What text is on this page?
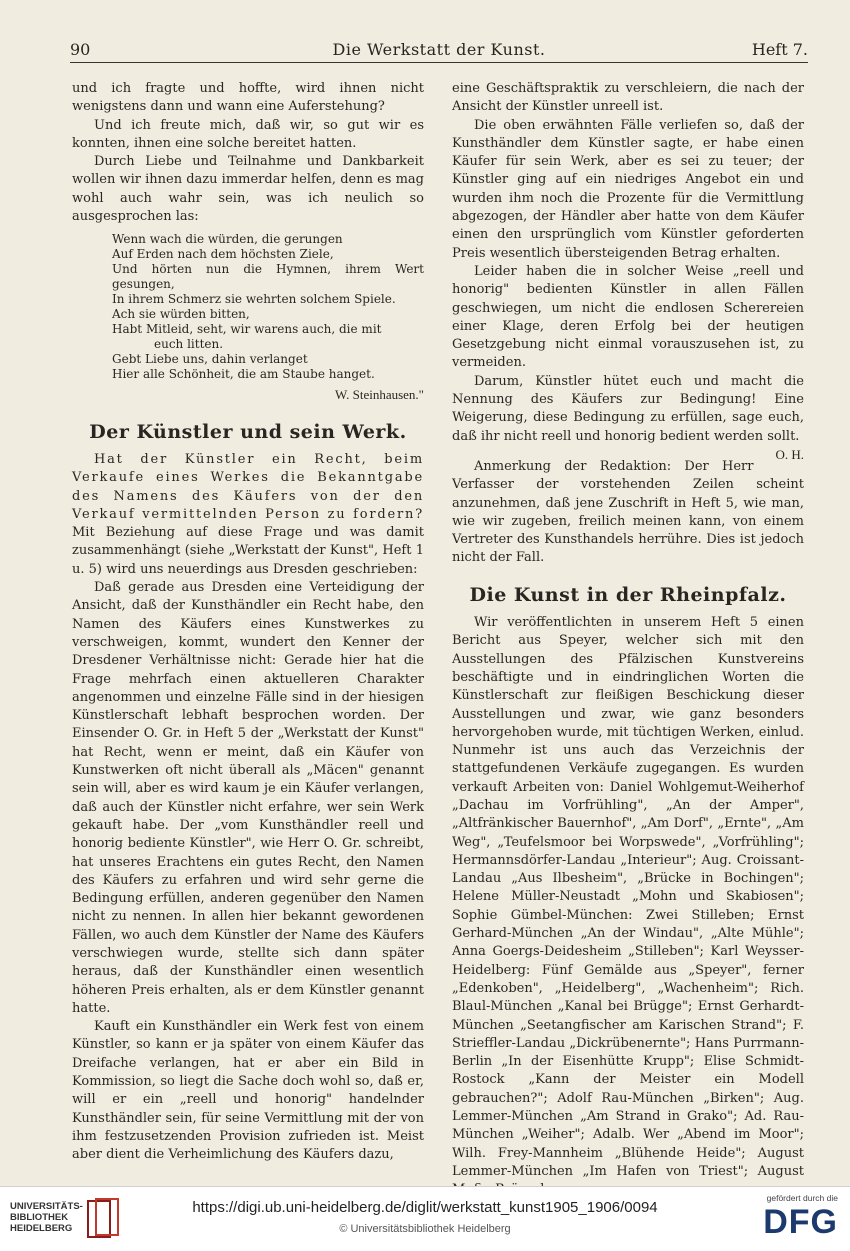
90	Die Werkstatt der Kunst.	Heft 7.

und ich fragte und hoffte, wird ihnen nicht wenigstens dann und wann eine Auferstehung?

Und ich freute mich, daß wir, so gut wir es konnten, ihnen eine solche bereitet hatten.

Durch Liebe und Teilnahme und Dankbarkeit wollen wir ihnen dazu immerdar helfen, denn es mag wohl auch wahr sein, was ich neulich so ausgesprochen las:

Wenn wach die würden, die gerungen
Auf Erden nach dem höchsten Ziele,
Und hörten nun die Hymnen, ihrem Wert gesungen,
In ihrem Schmerz sie wehrten solchem Spiele.
Ach sie würden bitten,
Habt Mitleid, seht, wir warens auch, die mit
euch litten.
Gebt Liebe uns, dahin verlanget
Hier alle Schönheit, die am Staube hanget.
W. Steinhausen."
Der Künstler und sein Werk.

Hat der Künstler ein Recht, beim Verkaufe eines Werkes die Bekanntgabe des Namens des Käufers von der den Verkauf vermittelnden Person zu fordern? Mit Beziehung auf diese Frage und was damit zusammenhängt (siehe „Werkstatt der Kunst", Heft 1 u. 5) wird uns neuerdings aus Dresden geschrieben:

Daß gerade aus Dresden eine Verteidigung der Ansicht, daß der Kunsthändler ein Recht habe, den Namen des Käufers eines Kunstwerkes zu verschweigen, kommt, wundert den Kenner der Dresdener Verhältnisse nicht: Gerade hier hat die Frage mehrfach einen aktuelleren Charakter angenommen und einzelne Fälle sind in der hiesigen Künstlerschaft lebhaft besprochen worden. Der Einsender O. Gr. in Heft 5 der „Werkstatt der Kunst" hat Recht, wenn er meint, daß ein Käufer von Kunstwerken oft nicht überall als „Mäcen" genannt sein will, aber es wird kaum je ein Käufer verlangen, daß auch der Künstler nicht erfahre, wer sein Werk gekauft habe. Der „vom Kunsthändler reell und honorig bediente Künstler", wie Herr O. Gr. schreibt, hat unseres Erachtens ein gutes Recht, den Namen des Käufers zu erfahren und wird sehr gerne die Bedingung erfüllen, anderen gegenüber den Namen nicht zu nennen. In allen hier bekannt gewordenen Fällen, wo auch dem Künstler der Name des Käufers verschwiegen wurde, stellte sich dann später heraus, daß der Kunsthändler einen wesentlich höheren Preis erhalten, als er dem Künstler genannt hatte.

Kauft ein Kunsthändler ein Werk fest von einem Künstler, so kann er ja später von einem Käufer das Dreifache verlangen, hat er aber ein Bild in Kommission, so liegt die Sache doch wohl so, daß er, will er ein „reell und honorig" handelnder Kunsthändler sein, für seine Vermittlung mit der von ihm festzusetzenden Provision zufrieden ist. Meist aber dient die Verheimlichung des Käufers dazu,

eine Geschäftspraktik zu verschleiern, die nach der Ansicht der Künstler unreell ist.

Die oben erwähnten Fälle verliefen so, daß der Kunsthändler dem Künstler sagte, er habe einen Käufer für sein Werk, aber es sei zu teuer; der Künstler ging auf ein niedriges Angebot ein und wurden ihm noch die Prozente für die Vermittlung abgezogen, der Händler aber hatte von dem Käufer einen den ursprünglich vom Künstler geforderten Preis wesentlich übersteigenden Betrag erhalten.

Leider haben die in solcher Weise „reell und honorig" bedienten Künstler in allen Fällen geschwiegen, um nicht die endlosen Scherereien einer Klage, deren Erfolg bei der heutigen Gesetzgebung nicht einmal vorauszusehen ist, zu vermeiden.

Darum, Künstler hütet euch und macht die Nennung des Käufers zur Bedingung! Eine Weigerung, diese Bedingung zu erfüllen, sage euch, daß ihr nicht reell und honorig bedient werden sollt.
O. H.

Anmerkung der Redaktion: Der Herr Verfasser der vorstehenden Zeilen scheint anzunehmen, daß jene Zuschrift in Heft 5, wie man, wie wir zugeben, freilich meinen kann, von einem Vertreter des Kunsthandels herrühre. Dies ist jedoch nicht der Fall.

Die Kunst in der Rheinpfalz.

Wir veröffentlichten in unserem Heft 5 einen Bericht aus Speyer, welcher sich mit den Ausstellungen des Pfälzischen Kunstvereins beschäftigte und in eindringlichen Worten die Künstlerschaft zur fleißigen Beschickung dieser Ausstellungen und zwar, wie ganz besonders hervorgehoben wurde, mit tüchtigen Werken, einlud. Nunmehr ist uns auch das Verzeichnis der stattgefundenen Verkäufe zugegangen. Es wurden verkauft Arbeiten von: Daniel Wohlgemut-Weiherhof „Dachau im Vorfrühling", „An der Amper", „Altfränkischer Bauernhof", „Am Dorf", „Ernte", „Am Weg", „Teufelsmoor bei Worpswede", „Vorfrühling"; Hermannsdörfer-Landau „Interieur"; Aug. Croissant-Landau „Aus Ilbesheim", „Brücke in Bochingen"; Helene Müller-Neustadt „Mohn und Skabiosen"; Sophie Gümbel-München: Zwei Stilleben; Ernst Gerhard-München „An der Windau", „Alte Mühle"; Anna Goergs-Deidesheim „Stilleben"; Karl Weysser-Heidelberg: Fünf Gemälde aus „Speyer", ferner „Edenkoben", „Heidelberg", „Wachenheim"; Rich. Blaul-München „Kanal bei Brügge"; Ernst Gerhardt-München „Seetangfischer am Karischen Strand"; F. Strieffler-Landau „Dickrübenernte"; Hans Purrmann-Berlin „In der Eisenhütte Krupp"; Elise Schmidt-Rostock „Kann der Meister ein Modell gebrauchen?"; Adolf Rau-München „Birken"; Aug. Lemmer-München „Am Strand in Grako"; Ad. Rau-München „Weiher"; Adalb. Wer „Abend im Moor"; Wilh. Frey-Mannheim „Blühende Heide"; August Lemmer-München „Im Hafen von Triest"; August

UNIVERSITÄTS-
BIBLIOTHEK
HEIDELBERG
https://digi.ub.uni-heidelberg.de/diglit/werkstatt_kunst1905_1906/0094
© Universitätsbibliothek Heidelberg
gefördert durch die
DFG
